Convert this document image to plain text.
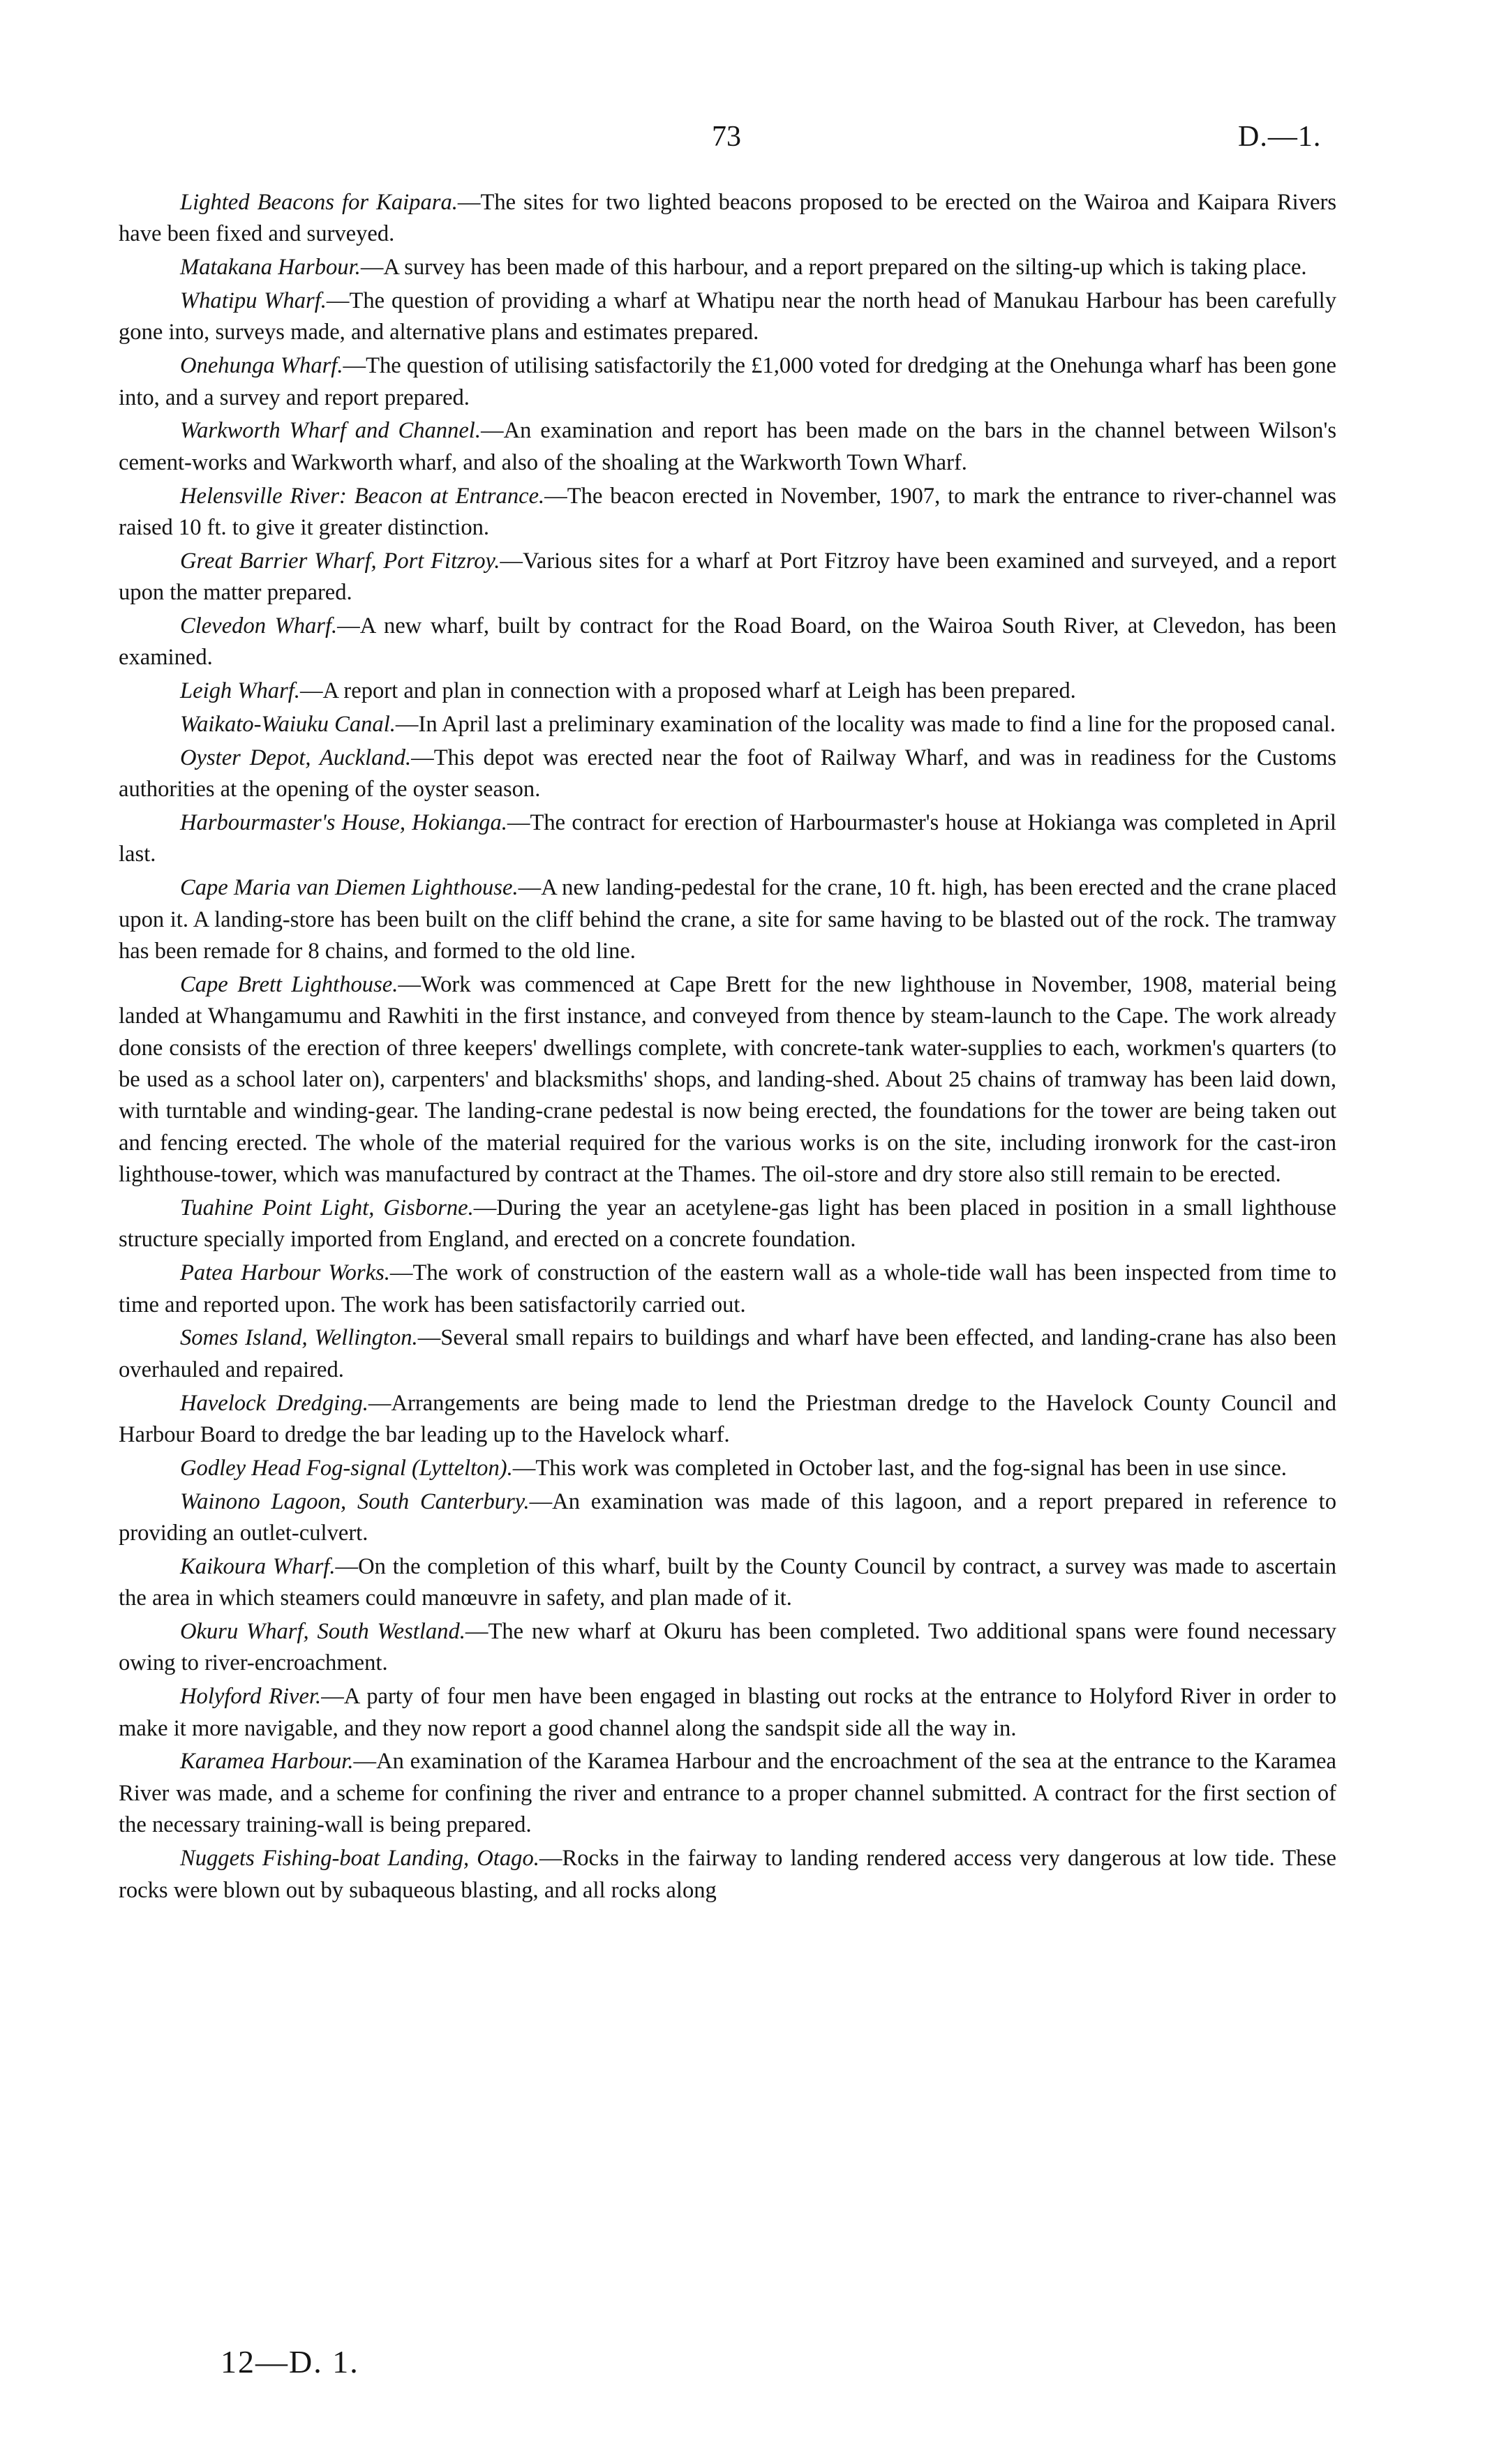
73	D.—1.

Lighted Beacons for Kaipara.—The sites for two lighted beacons proposed to be erected on the Wairoa and Kaipara Rivers have been fixed and surveyed.

Matakana Harbour.—A survey has been made of this harbour, and a report prepared on the silting-up which is taking place.

Whatipu Wharf.—The question of providing a wharf at Whatipu near the north head of Manukau Harbour has been carefully gone into, surveys made, and alternative plans and estimates prepared.

Onehunga Wharf.—The question of utilising satisfactorily the £1,000 voted for dredging at the Onehunga wharf has been gone into, and a survey and report prepared.

Warkworth Wharf and Channel.—An examination and report has been made on the bars in the channel between Wilson's cement-works and Warkworth wharf, and also of the shoaling at the Warkworth Town Wharf.

Helensville River: Beacon at Entrance.—The beacon erected in November, 1907, to mark the entrance to river-channel was raised 10 ft. to give it greater distinction.

Great Barrier Wharf, Port Fitzroy.—Various sites for a wharf at Port Fitzroy have been examined and surveyed, and a report upon the matter prepared.

Clevedon Wharf.—A new wharf, built by contract for the Road Board, on the Wairoa South River, at Clevedon, has been examined.

Leigh Wharf.—A report and plan in connection with a proposed wharf at Leigh has been prepared.

Waikato-Waiuku Canal.—In April last a preliminary examination of the locality was made to find a line for the proposed canal.

Oyster Depot, Auckland.—This depot was erected near the foot of Railway Wharf, and was in readiness for the Customs authorities at the opening of the oyster season.

Harbourmaster's House, Hokianga.—The contract for erection of Harbourmaster's house at Hokianga was completed in April last.

Cape Maria van Diemen Lighthouse.—A new landing-pedestal for the crane, 10 ft. high, has been erected and the crane placed upon it. A landing-store has been built on the cliff behind the crane, a site for same having to be blasted out of the rock. The tramway has been remade for 8 chains, and formed to the old line.

Cape Brett Lighthouse.—Work was commenced at Cape Brett for the new lighthouse in November, 1908, material being landed at Whangamumu and Rawhiti in the first instance, and conveyed from thence by steam-launch to the Cape. The work already done consists of the erection of three keepers' dwellings complete, with concrete-tank water-supplies to each, workmen's quarters (to be used as a school later on), carpenters' and blacksmiths' shops, and landing-shed. About 25 chains of tramway has been laid down, with turntable and winding-gear. The landing-crane pedestal is now being erected, the foundations for the tower are being taken out and fencing erected. The whole of the material required for the various works is on the site, including ironwork for the cast-iron lighthouse-tower, which was manufactured by contract at the Thames. The oil-store and dry store also still remain to be erected.

Tuahine Point Light, Gisborne.—During the year an acetylene-gas light has been placed in position in a small lighthouse structure specially imported from England, and erected on a concrete foundation.

Patea Harbour Works.—The work of construction of the eastern wall as a whole-tide wall has been inspected from time to time and reported upon. The work has been satisfactorily carried out.

Somes Island, Wellington.—Several small repairs to buildings and wharf have been effected, and landing-crane has also been overhauled and repaired.

Havelock Dredging.—Arrangements are being made to lend the Priestman dredge to the Havelock County Council and Harbour Board to dredge the bar leading up to the Havelock wharf.

Godley Head Fog-signal (Lyttelton).—This work was completed in October last, and the fog-signal has been in use since.

Wainono Lagoon, South Canterbury.—An examination was made of this lagoon, and a report prepared in reference to providing an outlet-culvert.

Kaikoura Wharf.—On the completion of this wharf, built by the County Council by contract, a survey was made to ascertain the area in which steamers could manœuvre in safety, and plan made of it.

Okuru Wharf, South Westland.—The new wharf at Okuru has been completed. Two additional spans were found necessary owing to river-encroachment.

Holyford River.—A party of four men have been engaged in blasting out rocks at the entrance to Holyford River in order to make it more navigable, and they now report a good channel along the sandspit side all the way in.

Karamea Harbour.—An examination of the Karamea Harbour and the encroachment of the sea at the entrance to the Karamea River was made, and a scheme for confining the river and entrance to a proper channel submitted. A contract for the first section of the necessary training-wall is being prepared.

Nuggets Fishing-boat Landing, Otago.—Rocks in the fairway to landing rendered access very dangerous at low tide. These rocks were blown out by subaqueous blasting, and all rocks along

12—D. 1.
